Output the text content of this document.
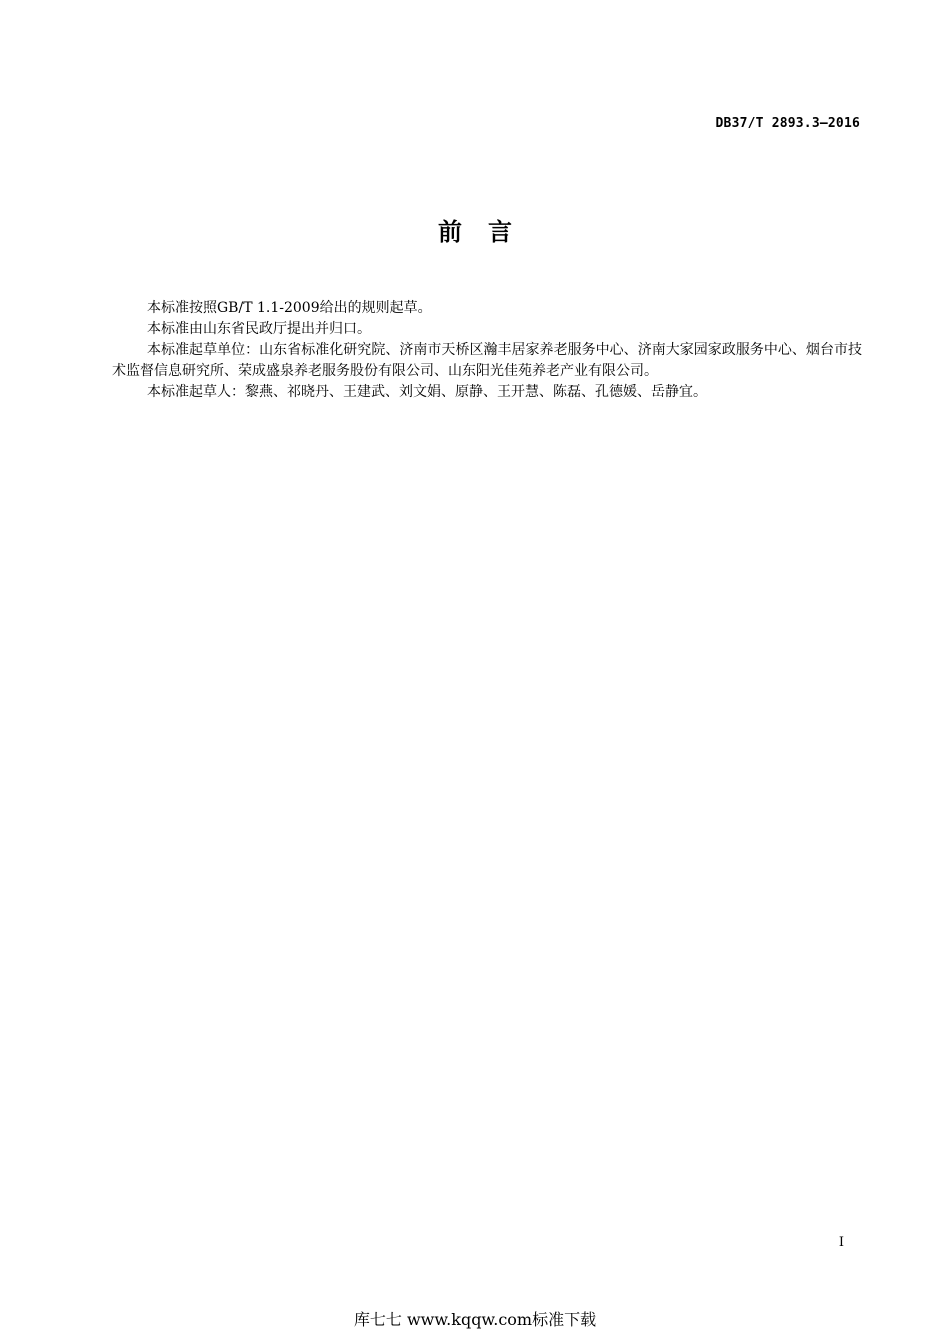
DB37/T 2893.3—2016
前言

本标准按照GB/T 1.1-2009给出的规则起草。

本标准由山东省民政厅提出并归口。

本标准起草单位：山东省标准化研究院、济南市天桥区瀚丰居家养老服务中心、济南大家园家政服务中心、烟台市技术监督信息研究所、荣成盛泉养老服务股份有限公司、山东阳光佳苑养老产业有限公司。

本标准起草人：黎燕、祁晓丹、王建武、刘文娟、原静、王开慧、陈磊、孔德媛、岳静宜。

I
库七七 www.kqqw.com标准下载
